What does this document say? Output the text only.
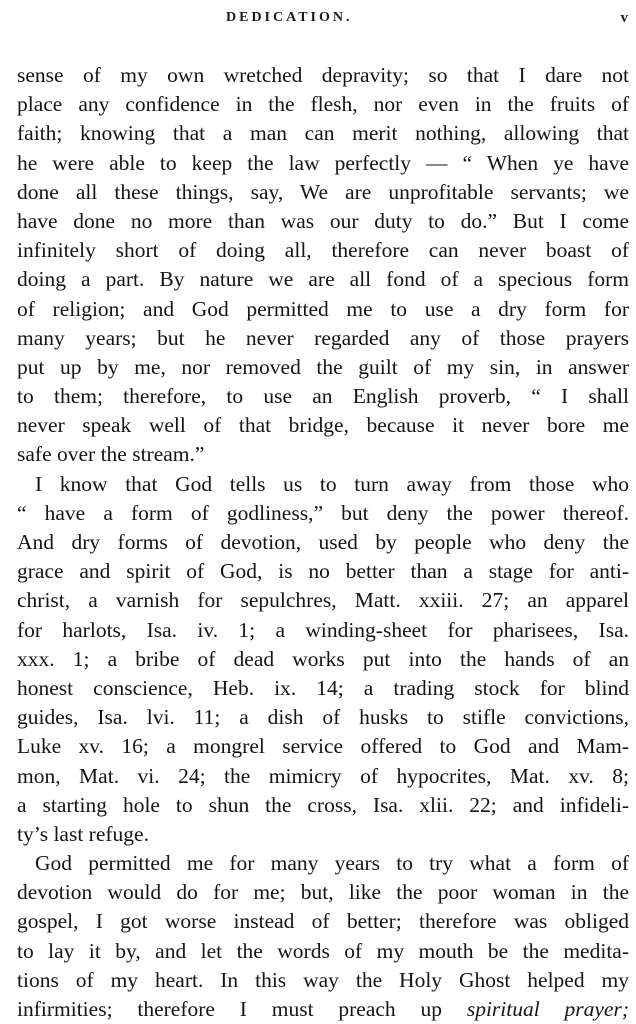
DEDICATION.	v
sense of my own wretched depravity; so that I dare not
place any confidence in the flesh, nor even in the fruits of
faith; knowing that a man can merit nothing, allowing that
he were able to keep the law perfectly — “ When ye have
done all these things, say, We are unprofitable servants; we
have done no more than was our duty to do.” But I come
infinitely short of doing all, therefore can never boast of
doing a part. By nature we are all fond of a specious form
of religion; and God permitted me to use a dry form for
many years; but he never regarded any of those prayers
put up by me, nor removed the guilt of my sin, in answer
to them; therefore, to use an English proverb, “ I shall
never speak well of that bridge, because it never bore me
safe over the stream.”
I know that God tells us to turn away from those who
“ have a form of godliness,” but deny the power thereof.
And dry forms of devotion, used by people who deny the
grace and spirit of God, is no better than a stage for anti-
christ, a varnish for sepulchres, Matt. xxiii. 27; an apparel
for harlots, Isa. iv. 1; a winding-sheet for pharisees, Isa.
xxx. 1; a bribe of dead works put into the hands of an
honest conscience, Heb. ix. 14; a trading stock for blind
guides, Isa. lvi. 11; a dish of husks to stifle convictions,
Luke xv. 16; a mongrel service offered to God and Mam-
mon, Mat. vi. 24; the mimicry of hypocrites, Mat. xv. 8;
a starting hole to shun the cross, Isa. xlii. 22; and infideli-
ty’s last refuge.
God permitted me for many years to try what a form of
devotion would do for me; but, like the poor woman in the
gospel, I got worse instead of better; therefore was obliged
to lay it by, and let the words of my mouth be the medita-
tions of my heart. In this way the Holy Ghost helped my
infirmities; therefore I must preach up spiritual prayer;
